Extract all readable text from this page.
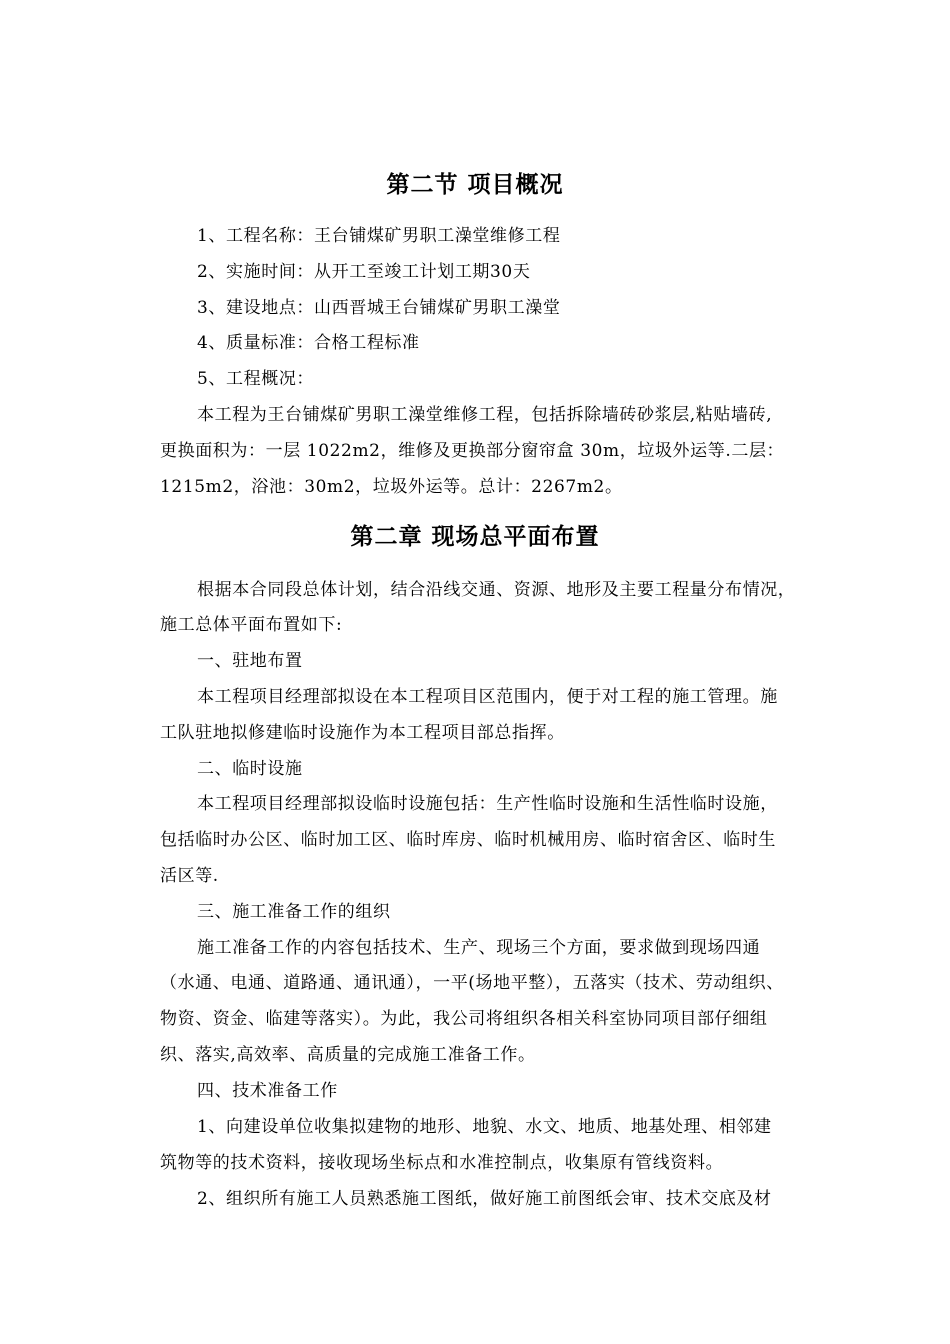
第二节 项目概况
1、工程名称：王台铺煤矿男职工澡堂维修工程
2、实施时间：从开工至竣工计划工期30天
3、建设地点：山西晋城王台铺煤矿男职工澡堂
4、质量标准：合格工程标准
5、工程概况：
本工程为王台铺煤矿男职工澡堂维修工程，包括拆除墙砖砂浆层,粘贴墙砖,
更换面积为：一层 1022m2，维修及更换部分窗帘盒 30m，垃圾外运等.二层：
1215m2，浴池：30m2，垃圾外运等。总计：2267m2。
第二章 现场总平面布置
根据本合同段总体计划，结合沿线交通、资源、地形及主要工程量分布情况，
施工总体平面布置如下:
一、驻地布置
本工程项目经理部拟设在本工程项目区范围内，便于对工程的施工管理。施
工队驻地拟修建临时设施作为本工程项目部总指挥。
二、临时设施
本工程项目经理部拟设临时设施包括：生产性临时设施和生活性临时设施，
包括临时办公区、临时加工区、临时库房、临时机械用房、临时宿舍区、临时生
活区等.
三、施工准备工作的组织
施工准备工作的内容包括技术、生产、现场三个方面，要求做到现场四通
（水通、电通、道路通、通讯通），一平(场地平整），五落实（技术、劳动组织、
物资、资金、临建等落实）。为此，我公司将组织各相关科室协同项目部仔细组
织、落实,高效率、高质量的完成施工准备工作。
四、技术准备工作
1、向建设单位收集拟建物的地形、地貌、水文、地质、地基处理、相邻建
筑物等的技术资料，接收现场坐标点和水准控制点，收集原有管线资料。
2、组织所有施工人员熟悉施工图纸，做好施工前图纸会审、技术交底及材
